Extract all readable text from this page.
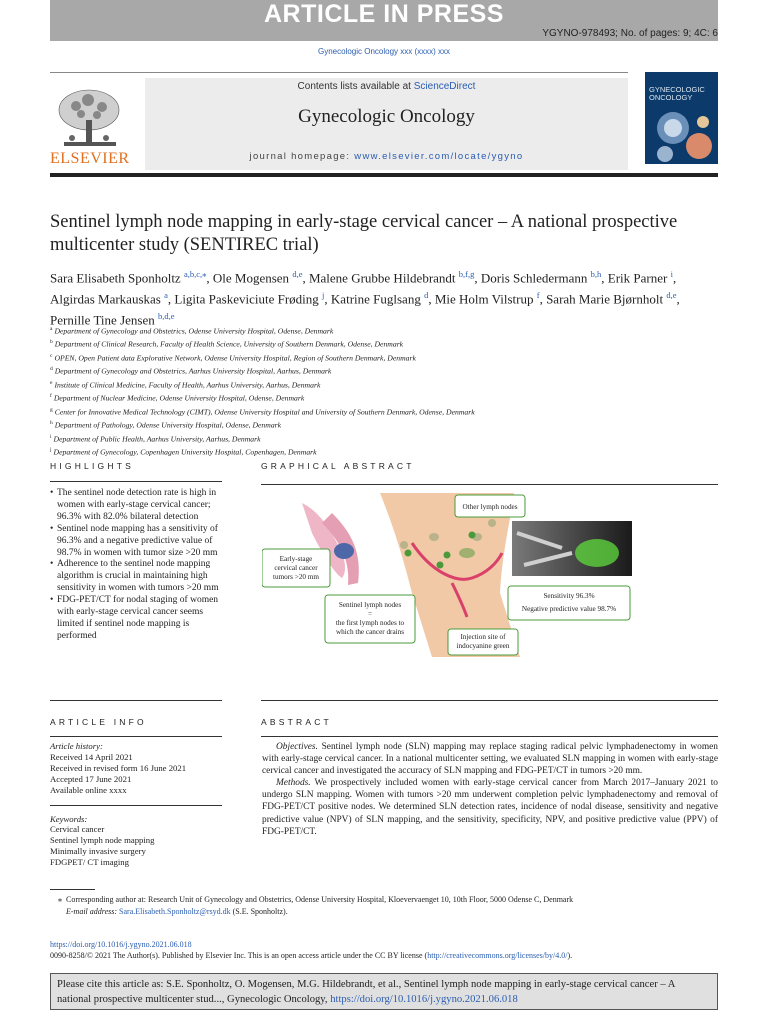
ARTICLE IN PRESS
YGYNO-978493; No. of pages: 9; 4C: 6
Gynecologic Oncology xxx (xxxx) xxx
ELSEVIER
Contents lists available at ScienceDirect
Gynecologic Oncology
journal homepage: www.elsevier.com/locate/ygyno
GYNECOLOGIC ONCOLOGY
Sentinel lymph node mapping in early-stage cervical cancer – A national prospective multicenter study (SENTIREC trial)
Sara Elisabeth Sponholtz $^{a,b,c,⁎}$, Ole Mogensen $^{d,e}$, Malene Grubbe Hildebrandt $^{b,f,g}$, Doris Schledermann $^{b,h}$, Erik Parner $^i$, Algirdas Markauskas $^a$, Ligita Paskeviciute Frøding $^j$, Katrine Fuglsang $^d$, Mie Holm Vilstrup $^f$, Sarah Marie Bjørnholt $^{d,e}$, Pernille Tine Jensen $^{b,d,e}$
$^a$ Department of Gynecology and Obstetrics, Odense University Hospital, Odense, Denmark
$^b$ Department of Clinical Research, Faculty of Health Science, University of Southern Denmark, Odense, Denmark
$^c$ OPEN, Open Patient data Explorative Network, Odense University Hospital, Region of Southern Denmark, Denmark
$^d$ Department of Gynecology and Obstetrics, Aarhus University Hospital, Aarhus, Denmark
$^e$ Institute of Clinical Medicine, Faculty of Health, Aarhus University, Aarhus, Denmark
$^f$ Department of Nuclear Medicine, Odense University Hospital, Odense, Denmark
$^g$ Center for Innovative Medical Technology (CIMT), Odense University Hospital and University of Southern Denmark, Odense, Denmark
$^h$ Department of Pathology, Odense University Hospital, Odense, Denmark
$^i$ Department of Public Health, Aarhus University, Aarhus, Denmark
$^j$ Department of Gynecology, Copenhagen University Hospital, Copenhagen, Denmark
HIGHLIGHTS
• The sentinel node detection rate is high in women with early-stage cervical cancer; 96.3% with 82.0% bilateral detection
• Sentinel node mapping has a sensitivity of 96.3% and a negative predictive value of 98.7% in women with tumor size >20 mm
• Adherence to the sentinel node mapping algorithm is crucial in maintaining high sensitivity in women with tumors >20 mm
• FDG-PET/CT for nodal staging of women with early-stage cervical cancer seems limited if sentinel node mapping is performed
GRAPHICAL ABSTRACT
Other lymph nodes
Early-stage
cervical cancer
tumors >20 mm
Sentinel lymph nodes
=
the first lymph nodes to
which the cancer drains
Injection site of
indocyanine green
Sensitivity 96.3%
Negative predictive value 98.7%
ARTICLE INFO
Article history:
Received 14 April 2021
Received in revised form 16 June 2021
Accepted 17 June 2021
Available online xxxx
Keywords:
Cervical cancer
Sentinel lymph node mapping
Minimally invasive surgery
FDGPET/ CT imaging
ABSTRACT

Objectives. Sentinel lymph node (SLN) mapping may replace staging radical pelvic lymphadenectomy in women with early-stage cervical cancer. In a national multicenter setting, we evaluated SLN mapping in women with early-stage cervical cancer and investigated the accuracy of SLN mapping and FDG-PET/CT in tumors >20 mm.

Methods. We prospectively included women with early-stage cervical cancer from March 2017–January 2021 to undergo SLN mapping. Women with tumors >20 mm underwent completion pelvic lymphadenectomy and removal of FDG-PET/CT positive nodes. We determined SLN detection rates, incidence of nodal disease, sensitivity and negative predictive value (NPV) of SLN mapping, and the sensitivity, specificity, NPV, and positive predictive value (PPV) of FDG-PET/CT.

⁎ Corresponding author at: Research Unit of Gynecology and Obstetrics, Odense University Hospital, Kloevervaenget 10, 10th Floor, 5000 Odense C, Denmark
E-mail address: Sara.Elisabeth.Sponholtz@rsyd.dk (S.E. Sponholtz).
https://doi.org/10.1016/j.ygyno.2021.06.018
0090-8258/© 2021 The Author(s). Published by Elsevier Inc. This is an open access article under the CC BY license (http://creativecommons.org/licenses/by/4.0/).
Please cite this article as: S.E. Sponholtz, O. Mogensen, M.G. Hildebrandt, et al., Sentinel lymph node mapping in early-stage cervical cancer – A national prospective multicenter stud..., Gynecologic Oncology, https://doi.org/10.1016/j.ygyno.2021.06.018
